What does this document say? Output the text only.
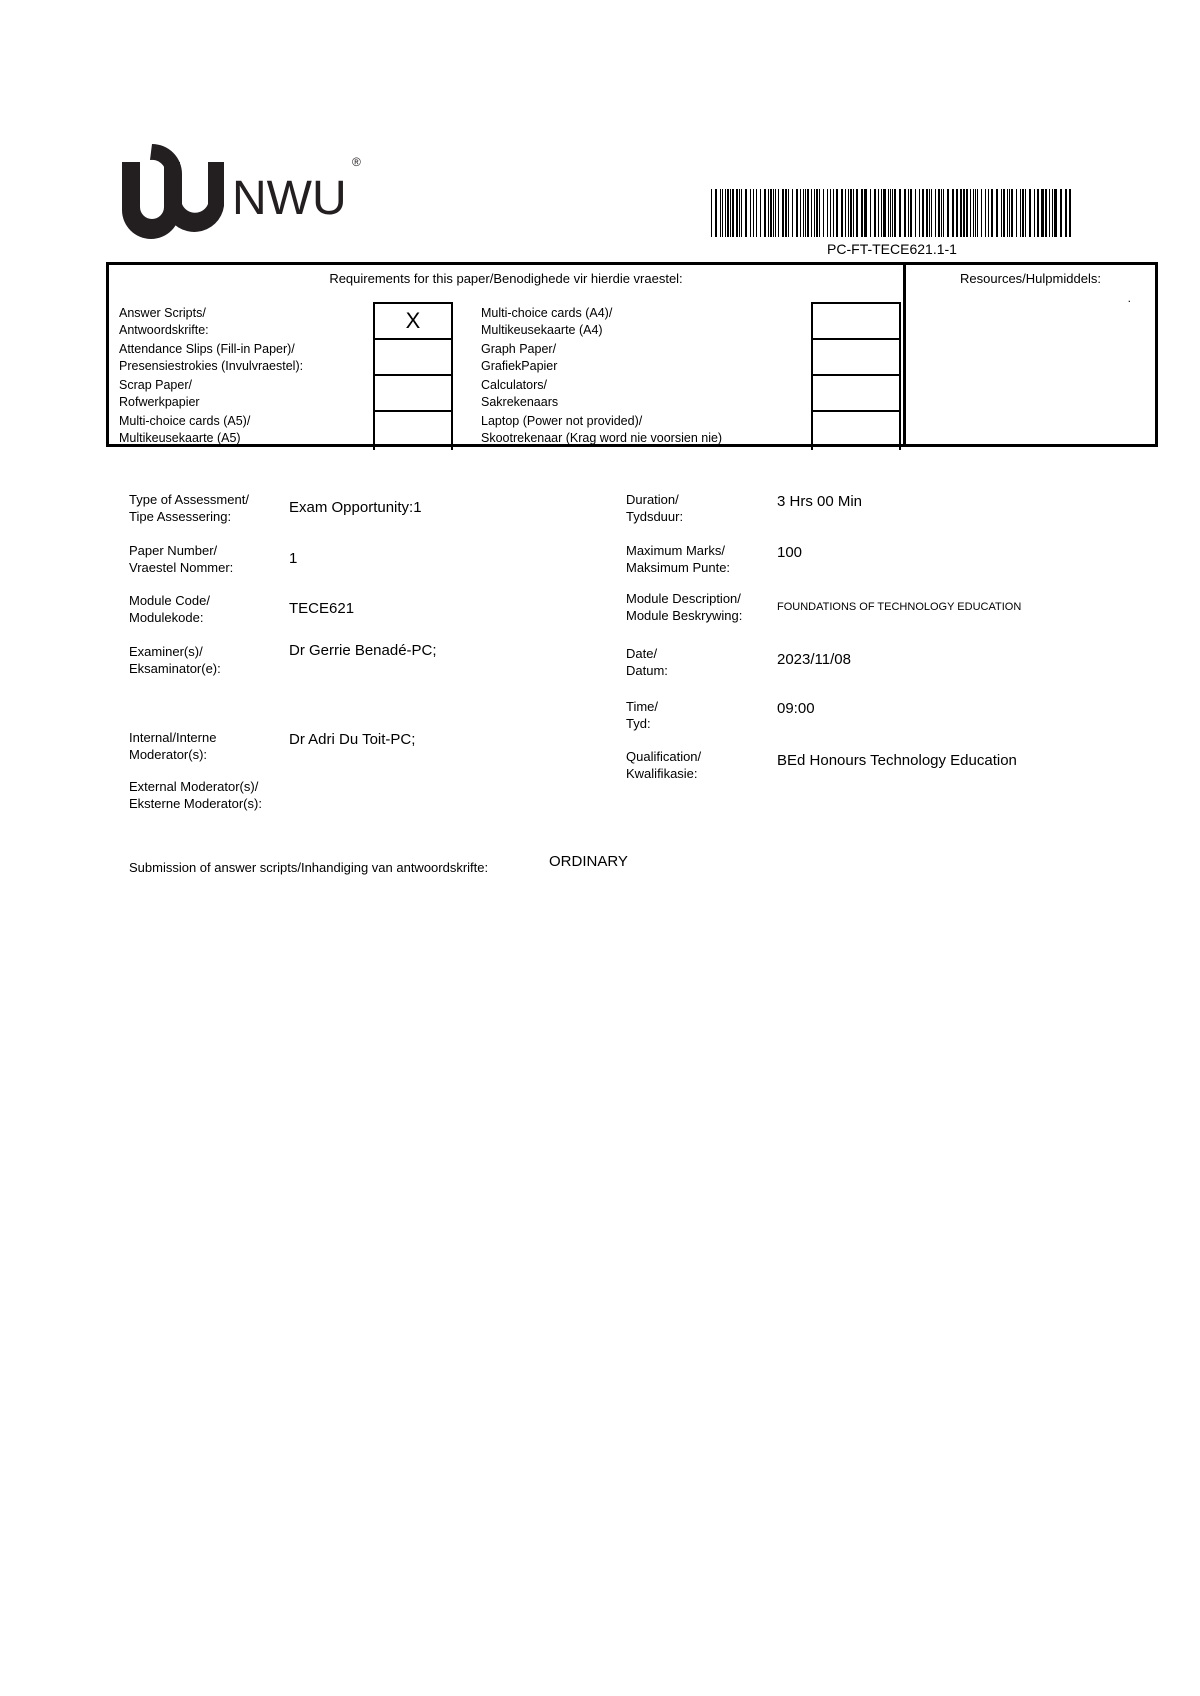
NWU
®
PC-FT-TECE621.1-1
Requirements for this paper/Benodighede vir hierdie vraestel:
Answer Scripts/
Antwoordskrifte:	X
Attendance Slips (Fill-in Paper)/
Presensiestrokies (Invulvraestel):
Scrap Paper/
Rofwerkpapier
Multi-choice cards (A5)/
Multikeusekaarte (A5)
Multi-choice cards (A4)/
Multikeusekaarte (A4)
Graph Paper/
GrafiekPapier
Calculators/
Sakrekenaars
Laptop (Power not provided)/
Skootrekenaar (Krag word nie voorsien nie)
Resources/Hulpmiddels:
.
Type of Assessment/
Tipe Assessering:
Exam Opportunity:1
Paper Number/
Vraestel Nommer:
1
Module Code/
Modulekode:
TECE621
Examiner(s)/
Eksaminator(e):
Dr Gerrie Benadé-PC;
Internal/Interne
Moderator(s):
Dr Adri Du Toit-PC;
External Moderator(s)/
Eksterne Moderator(s):
Duration/
Tydsduur:
3 Hrs 00 Min
Maximum Marks/
Maksimum Punte:
100
Module Description/
Module Beskrywing:
FOUNDATIONS OF TECHNOLOGY EDUCATION
Date/
Datum:
2023/11/08
Time/
Tyd:
09:00
Qualification/
Kwalifikasie:
BEd Honours Technology Education
Submission of answer scripts/Inhandiging van antwoordskrifte:	ORDINARY
